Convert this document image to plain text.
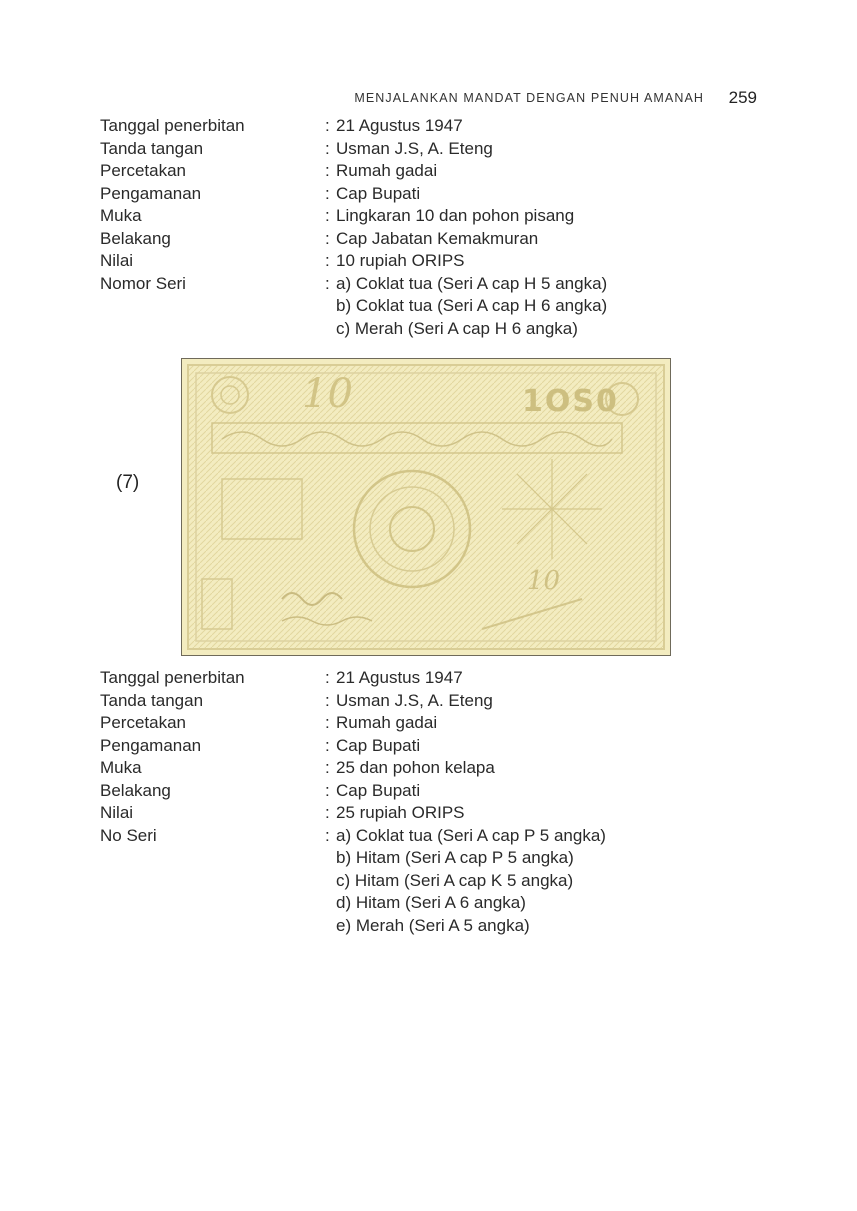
MENJALANKAN MANDAT DENGAN PENUH AMANAH 259
Tanggal penerbitan	: 21 Agustus 1947
Tanda tangan	: Usman J.S, A. Eteng
Percetakan	: Rumah gadai
Pengamanan	: Cap Bupati
Muka	: Lingkaran 10 dan pohon pisang
Belakang	: Cap Jabatan Kemakmuran
Nilai	: 10 rupiah ORIPS
Nomor Seri	: a) Coklat tua (Seri A cap H 5 angka)
b) Coklat tua (Seri A cap H 6 angka)
c) Merah (Seri A cap H 6 angka)
(7)
10	1OS0
10
Tanggal penerbitan	: 21 Agustus 1947
Tanda tangan	: Usman J.S, A. Eteng
Percetakan	: Rumah gadai
Pengamanan	: Cap Bupati
Muka	: 25 dan pohon kelapa
Belakang	: Cap Bupati
Nilai	: 25 rupiah ORIPS
No Seri	: a) Coklat tua (Seri A cap P 5 angka)
b) Hitam (Seri A cap P 5 angka)
c) Hitam (Seri A cap K 5 angka)
d) Hitam (Seri A 6 angka)
e) Merah (Seri A 5 angka)
